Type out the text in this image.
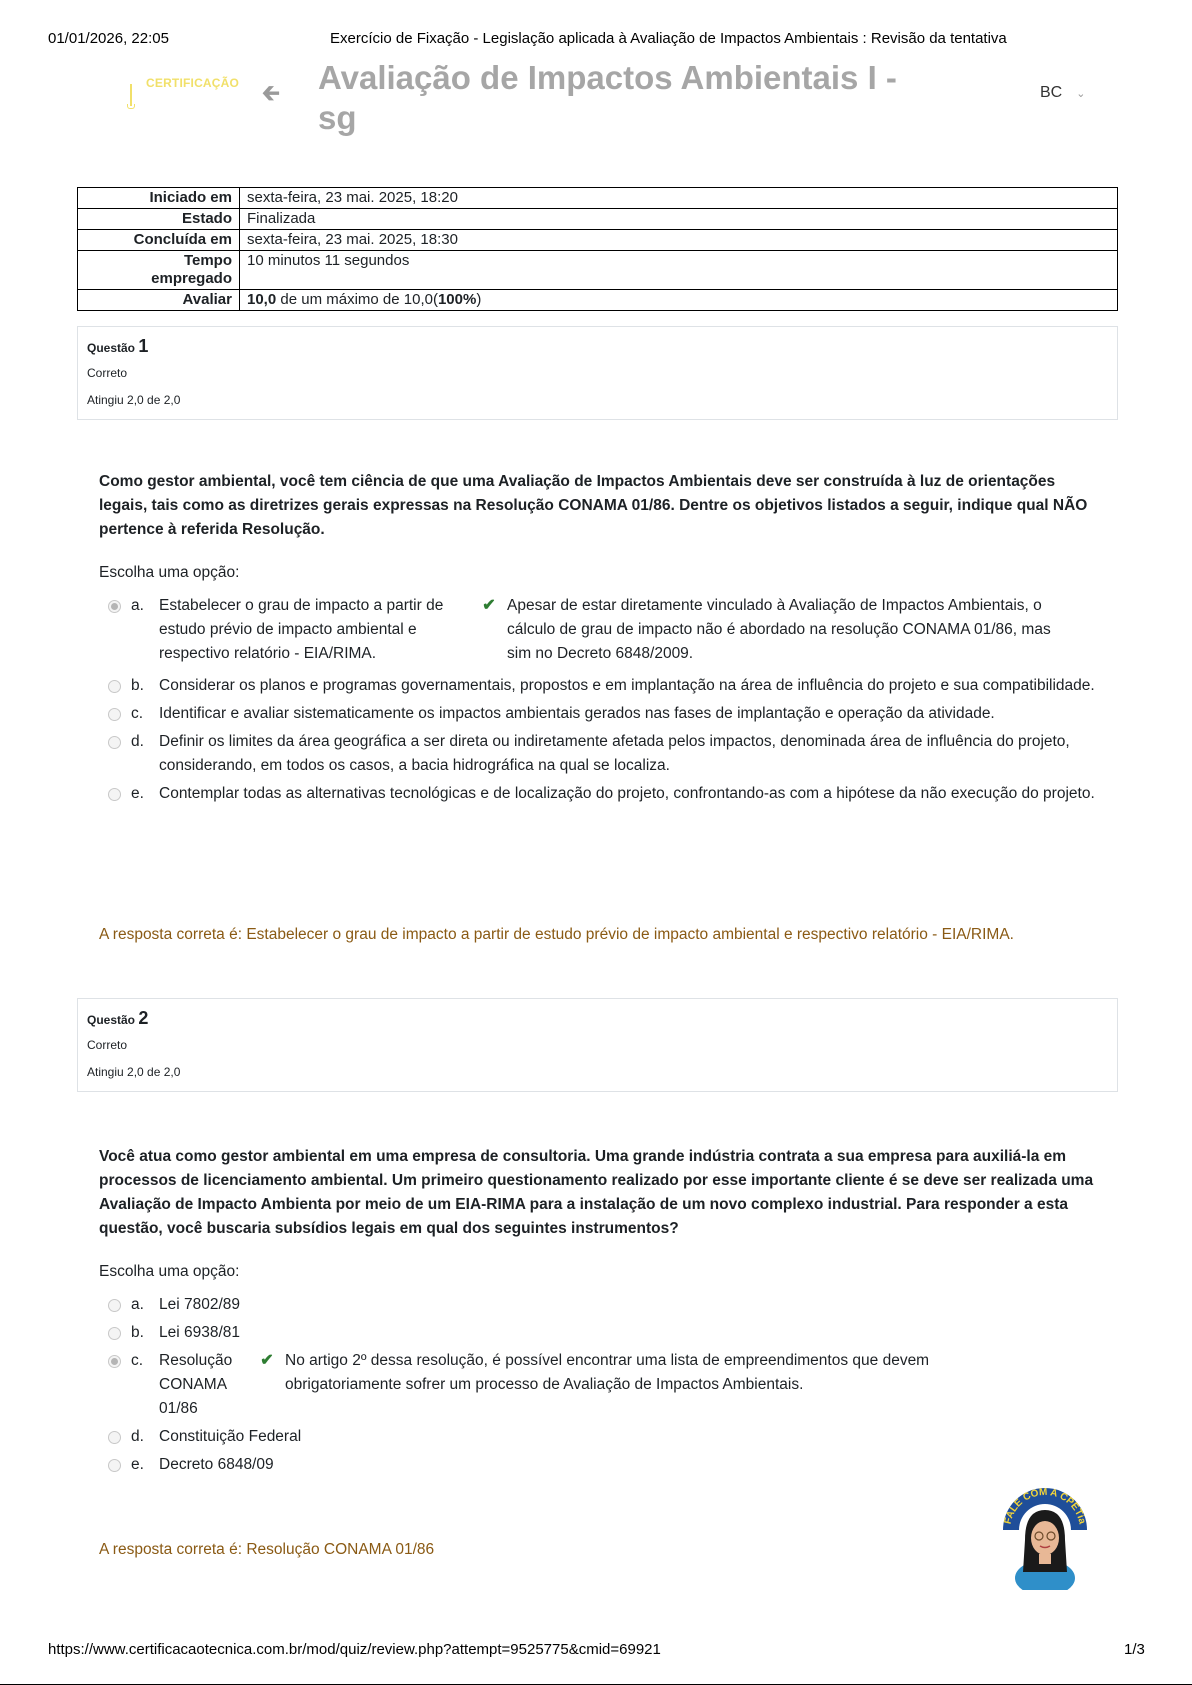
01/01/2026, 22:05	Exercício de Fixação - Legislação aplicada à Avaliação de Impactos Ambientais : Revisão da tentativa
CERTIFICAÇÃO 🡰 Avaliação de Impactos Ambientais I - sg
BC ⌄
Iniciado em	sexta-feira, 23 mai. 2025, 18:20
Estado	Finalizada
Concluída em	sexta-feira, 23 mai. 2025, 18:30
Tempo empregado	10 minutos 11 segundos
Avaliar	10,0 de um máximo de 10,0(100%)
Questão 1
Correto
Atingiu 2,0 de 2,0
Como gestor ambiental, você tem ciência de que uma Avaliação de Impactos Ambientais deve ser construída à luz de orientações legais, tais como as diretrizes gerais expressas na Resolução CONAMA 01/86. Dentre os objetivos listados a seguir, indique qual NÃO pertence à referida Resolução.
Escolha uma opção:
a. Estabelecer o grau de impacto a partir de estudo prévio de impacto ambiental e respectivo relatório - EIA/RIMA.
✔ Apesar de estar diretamente vinculado à Avaliação de Impactos Ambientais, o cálculo de grau de impacto não é abordado na resolução CONAMA 01/86, mas sim no Decreto 6848/2009.
b. Considerar os planos e programas governamentais, propostos e em implantação na área de influência do projeto e sua compatibilidade.
c.	Identificar e avaliar sistematicamente os impactos ambientais gerados nas fases de implantação e operação da atividade.
d. Definir os limites da área geográfica a ser direta ou indiretamente afetada pelos impactos, denominada área de influência do projeto, considerando, em todos os casos, a bacia hidrográfica na qual se localiza.
e. Contemplar todas as alternativas tecnológicas e de localização do projeto, confrontando-as com a hipótese da não execução do projeto.
A resposta correta é: Estabelecer o grau de impacto a partir de estudo prévio de impacto ambiental e respectivo relatório - EIA/RIMA.
Questão 2
Correto
Atingiu 2,0 de 2,0
Você atua como gestor ambiental em uma empresa de consultoria. Uma grande indústria contrata a sua empresa para auxiliá-la em processos de licenciamento ambiental. Um primeiro questionamento realizado por esse importante cliente é se deve ser realizada uma Avaliação de Impacto Ambienta por meio de um EIA-RIMA para a instalação de um novo complexo industrial. Para responder a esta questão, você buscaria subsídios legais em qual dos seguintes instrumentos?
Escolha uma opção:
a. Lei 7802/89
b. Lei 6938/81
c.	Resolução CONAMA 01/86
✔ No artigo 2º dessa resolução, é possível encontrar uma lista de empreendimentos que devem obrigatoriamente sofrer um processo de Avaliação de Impactos Ambientais.
d. Constituição Federal
e. Decreto 6848/09
A resposta correta é: Resolução CONAMA 01/86
FALE COM A CPETia
https://www.certificacaotecnica.com.br/mod/quiz/review.php?attempt=9525775&cmid=69921	1/3
